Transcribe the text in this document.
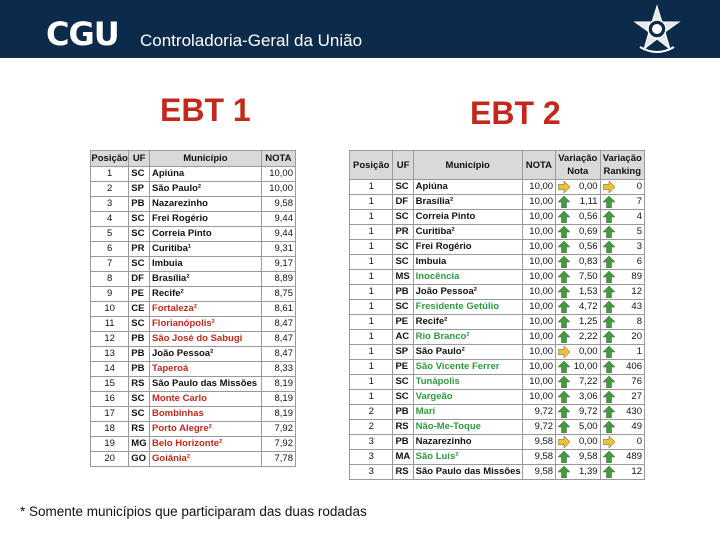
CGU Controladoria-Geral da União
EBT 1	EBT 2
Posição	UF	Município	NOTA
1	SC	Apiúna	10,00
2	SP	São Paulo²	10,00
3	PB	Nazarezinho	9,58
4	SC	Frei Rogério	9,44
5	SC	Correia Pinto	9,44
6	PR	Curitiba¹	9,31
7	SC	Imbuia	9,17
8	DF	Brasília²	8,89
9	PE	Recife²	8,75
10	CE	Fortaleza²	8,61
11	SC	Florianópolis²	8,47
12	PB	São José do Sabugi	8,47
13	PB	João Pessoa²	8,47
14	PB	Taperoá	8,33
15	RS	São Paulo das Missões	8,19
16	SC	Monte Carlo	8,19
17	SC	Bombinhas	8,19
18	RS	Porto Alegre²	7,92
19	MG	Belo Horizonte²	7,92
20	GO	Goiânia²	7,78
Posição	UF	Município	NOTA	Variação Nota	Variação Ranking
1	SC	Apiúna	10,00	0,00	0
1	DF	Brasília²	10,00	1,11	7
1	SC	Correia Pinto	10,00	0,56	4
1	PR	Curitiba²	10,00	0,69	5
1	SC	Frei Rogério	10,00	0,56	3
1	SC	Imbuia	10,00	0,83	6
1	MS	Inocência	10,00	7,50	89
1	PB	João Pessoa²	10,00	1,53	12
1	SC	Fresidente Getúlio	10,00	4,72	43
1	PE	Recife²	10,00	1,25	8
1	AC	Rio Branco²	10,00	2,22	20
1	SP	São Paulo²	10,00	0,00	1
1	PE	São Vicente Ferrer	10,00	10,00	406
1	SC	Tunápolis	10,00	7,22	76
1	SC	Vargeão	10,00	3,06	27
2	PB	Marí	9,72	9,72	430
2	RS	Não-Me-Toque	9,72	5,00	49
3	PB	Nazarezinho	9,58	0,00	0
3	MA	São Luís²	9,58	9,58	489
3	RS	São Paulo das Missões	9,58	1,39	12
* Somente municípios que participaram das duas rodadas
